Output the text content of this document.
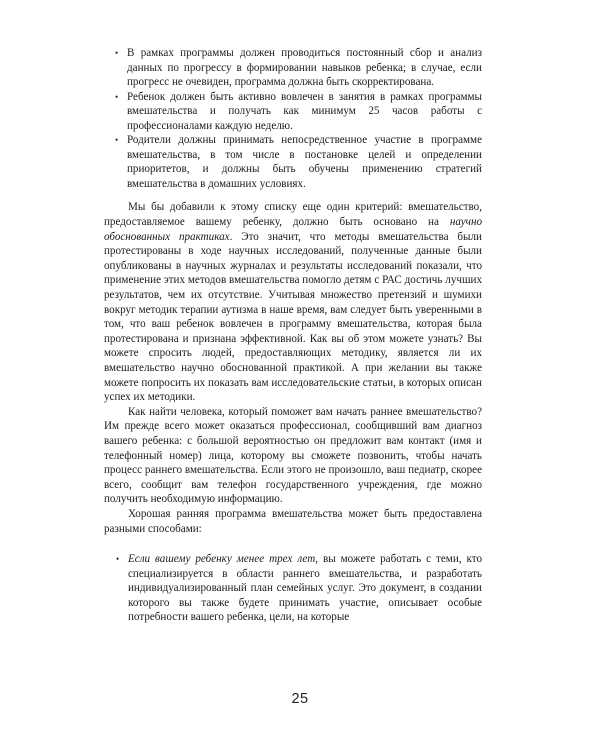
• В рамках программы должен проводиться постоянный сбор и анализ данных по прогрессу в формировании навыков ребенка; в случае, если прогресс не очевиден, программа должна быть скорректирована.
• Ребенок должен быть активно вовлечен в занятия в рамках программы вмешательства и получать как минимум 25 часов работы с профессионалами каждую неделю.
• Родители должны принимать непосредственное участие в программе вмешательства, в том числе в постановке целей и определении приоритетов, и должны быть обучены применению стратегий вмешательства в домашних условиях.

Мы бы добавили к этому списку еще один критерий: вмешательство, предоставляемое вашему ребенку, должно быть основано на научно обоснованных практиках. Это значит, что методы вмешательства были протестированы в ходе научных исследований, полученные данные были опубликованы в научных журналах и результаты исследований показали, что применение этих методов вмешательства помогло детям с РАС достичь лучших результатов, чем их отсутствие. Учитывая множество претензий и шумихи вокруг методик терапии аутизма в наше время, вам следует быть уверенными в том, что ваш ребенок вовлечен в программу вмешательства, которая была протестирована и признана эффективной. Как вы об этом можете узнать? Вы можете спросить людей, предоставляющих методику, является ли их вмешательство научно обоснованной практикой. А при желании вы также можете попросить их показать вам исследовательские статьи, в которых описан успех их методики.

Как найти человека, который поможет вам начать раннее вмешательство? Им прежде всего может оказаться профессионал, сообщивший вам диагноз вашего ребенка: с большой вероятностью он предложит вам контакт (имя и телефонный номер) лица, которому вы сможете позвонить, чтобы начать процесс раннего вмешательства. Если этого не произошло, ваш педиатр, скорее всего, сообщит вам телефон государственного учреждения, где можно получить необходимую информацию.

Хорошая ранняя программа вмешательства может быть предоставлена разными способами:

• Если вашему ребенку менее трех лет, вы можете работать с теми, кто специализируется в области раннего вмешательства, и разработать индивидуализированный план семейных услуг. Это документ, в создании которого вы также будете принимать участие, описывает особые потребности вашего ребенка, цели, на которые
25
